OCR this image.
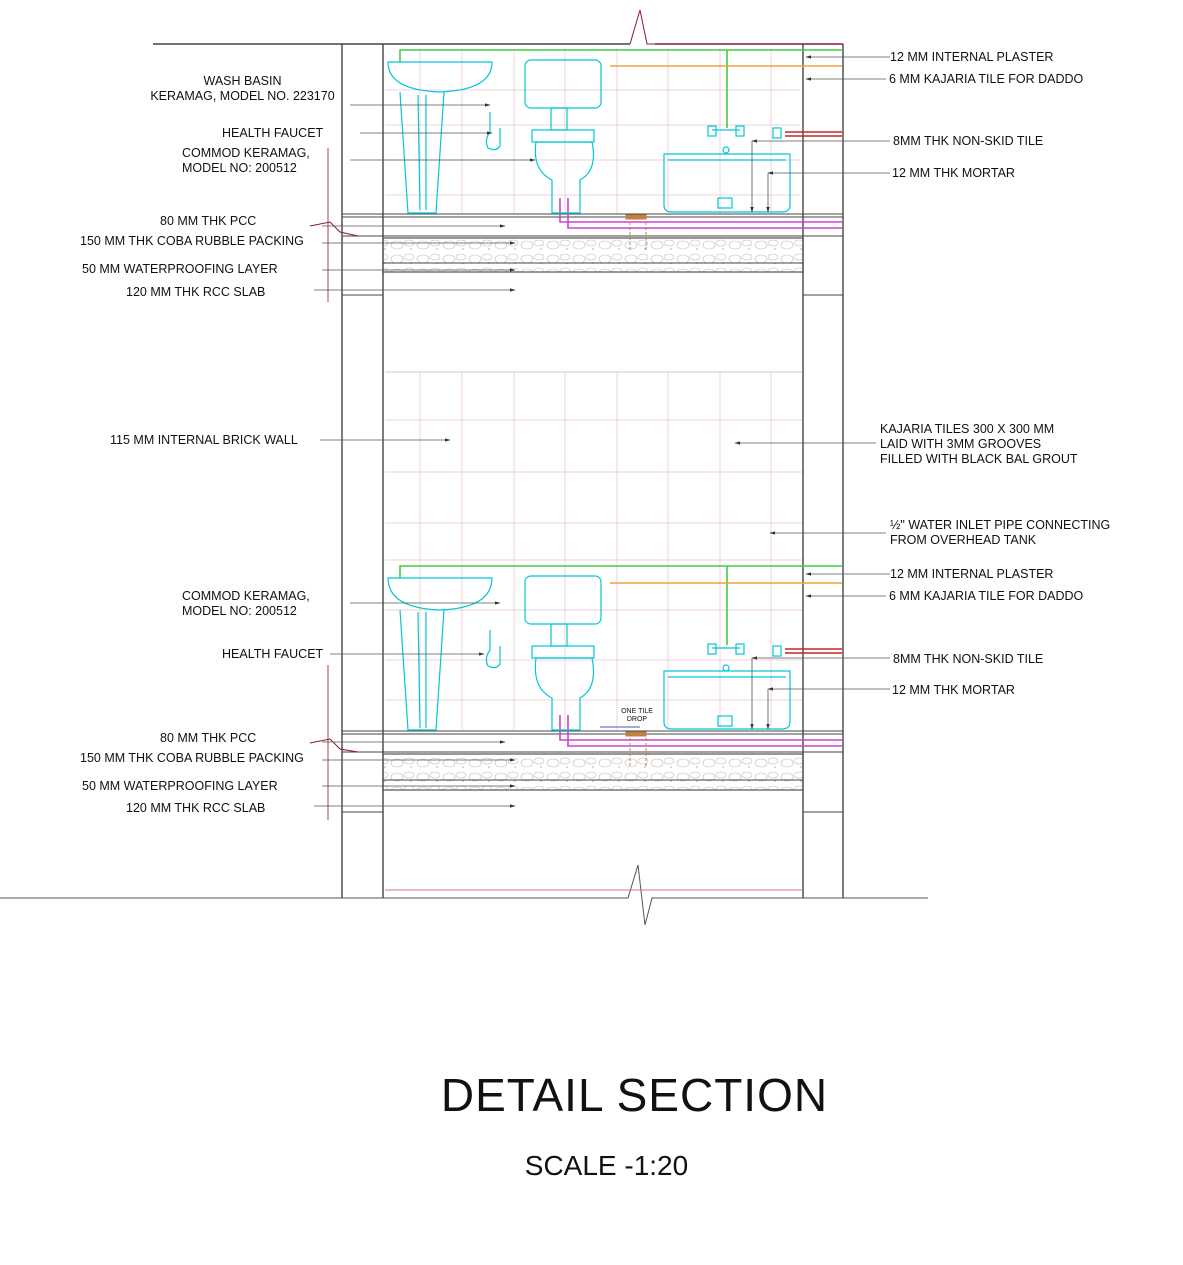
WASH BASIN
KERAMAG, MODEL NO. 223170
HEALTH FAUCET
COMMOD KERAMAG,
MODEL NO: 200512
80 MM THK PCC
150 MM THK COBA RUBBLE PACKING
50 MM WATERPROOFING LAYER
120 MM THK RCC SLAB
12 MM INTERNAL PLASTER
6 MM KAJARIA TILE FOR DADDO
8MM THK NON-SKID TILE
12 MM THK MORTAR
115 MM INTERNAL BRICK WALL
KAJARIA TILES 300 X 300 MM
LAID WITH 3MM GROOVES
FILLED WITH BLACK BAL GROUT
½" WATER INLET PIPE CONNECTING
FROM OVERHEAD TANK
COMMOD KERAMAG,
MODEL NO: 200512
HEALTH FAUCET
80 MM THK PCC
150 MM THK COBA RUBBLE PACKING
50 MM WATERPROOFING LAYER
120 MM THK RCC SLAB
12 MM INTERNAL PLASTER
6 MM KAJARIA TILE FOR DADDO
8MM THK NON-SKID TILE
12 MM THK MORTAR
ONE TILE
DROP
DETAIL SECTION
SCALE -1:20
